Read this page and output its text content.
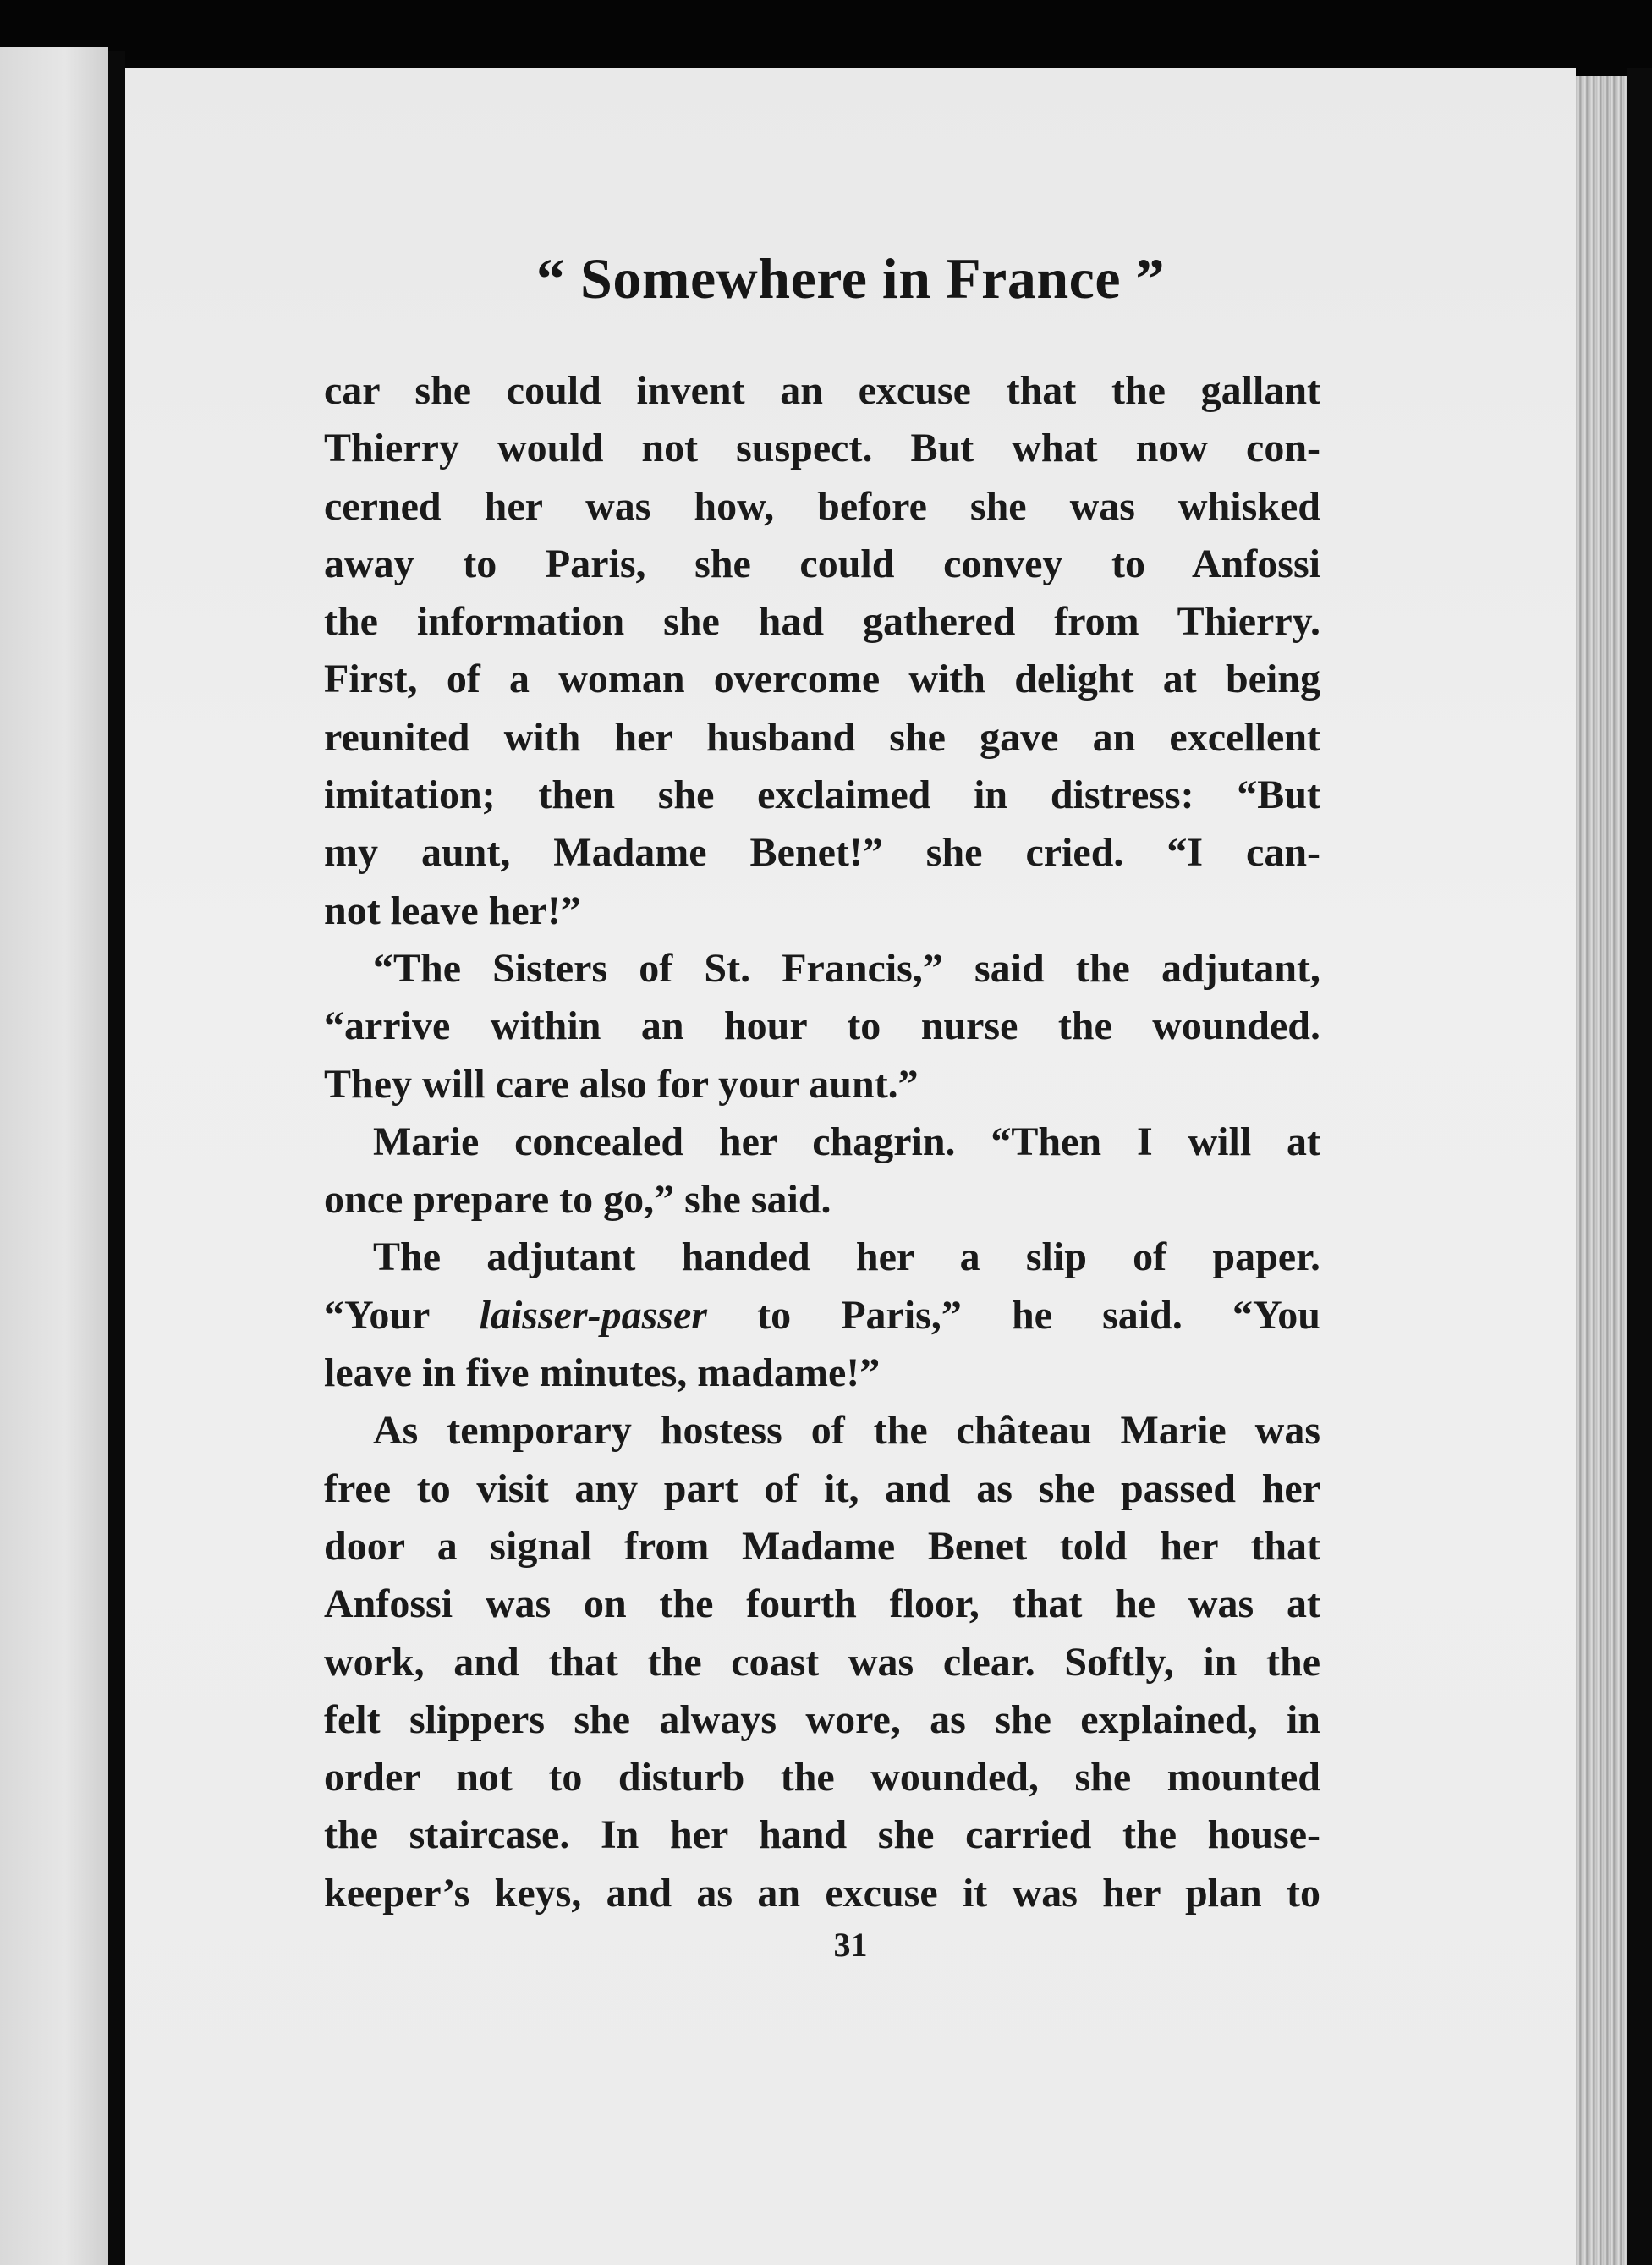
“ Somewhere in France ”
car she could invent an excuse that the gallant
Thierry would not suspect. But what now con-
cerned her was how, before she was whisked
away to Paris, she could convey to Anfossi
the information she had gathered from Thierry.
First, of a woman overcome with delight at being
reunited with her husband she gave an excellent
imitation; then she exclaimed in distress: “But
my aunt, Madame Benet!” she cried. “I can-
not leave her!”
“The Sisters of St. Francis,” said the adjutant,
“arrive within an hour to nurse the wounded.
They will care also for your aunt.”
Marie concealed her chagrin. “Then I will at
once prepare to go,” she said.
The adjutant handed her a slip of paper.
“Your laisser-passer to Paris,” he said. “You
leave in five minutes, madame!”
As temporary hostess of the château Marie was
free to visit any part of it, and as she passed her
door a signal from Madame Benet told her that
Anfossi was on the fourth floor, that he was at
work, and that the coast was clear. Softly, in the
felt slippers she always wore, as she explained, in
order not to disturb the wounded, she mounted
the staircase. In her hand she carried the house-
keeper’s keys, and as an excuse it was her plan to
31
